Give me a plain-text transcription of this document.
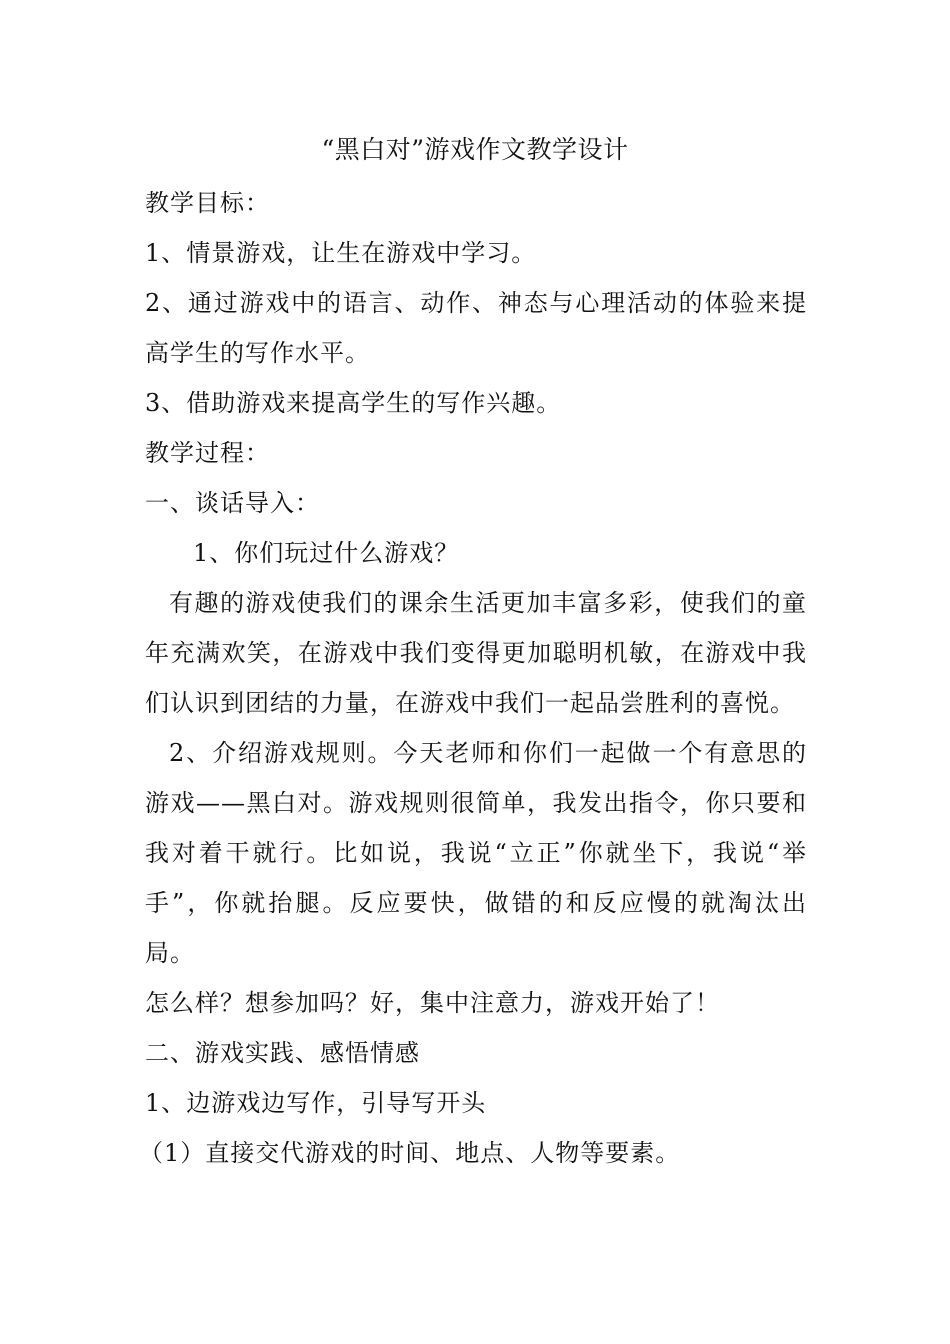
“黑白对”游戏作文教学设计

教学目标：

1、情景游戏，让生在游戏中学习。

2、通过游戏中的语言、动作、神态与心理活动的体验来提高学生的写作水平。

3、借助游戏来提高学生的写作兴趣。

教学过程：

一、谈话导入：

1、你们玩过什么游戏？

有趣的游戏使我们的课余生活更加丰富多彩，使我们的童年充满欢笑，在游戏中我们变得更加聪明机敏，在游戏中我们认识到团结的力量，在游戏中我们一起品尝胜利的喜悦。

2、介绍游戏规则。今天老师和你们一起做一个有意思的游戏——黑白对。游戏规则很简单，我发出指令，你只要和我对着干就行。比如说，我说“立正”你就坐下，我说“举手”，你就抬腿。反应要快，做错的和反应慢的就淘汰出局。

怎么样？想参加吗？好，集中注意力，游戏开始了！

二、游戏实践、感悟情感

1、边游戏边写作，引导写开头

（1）直接交代游戏的时间、地点、人物等要素。
